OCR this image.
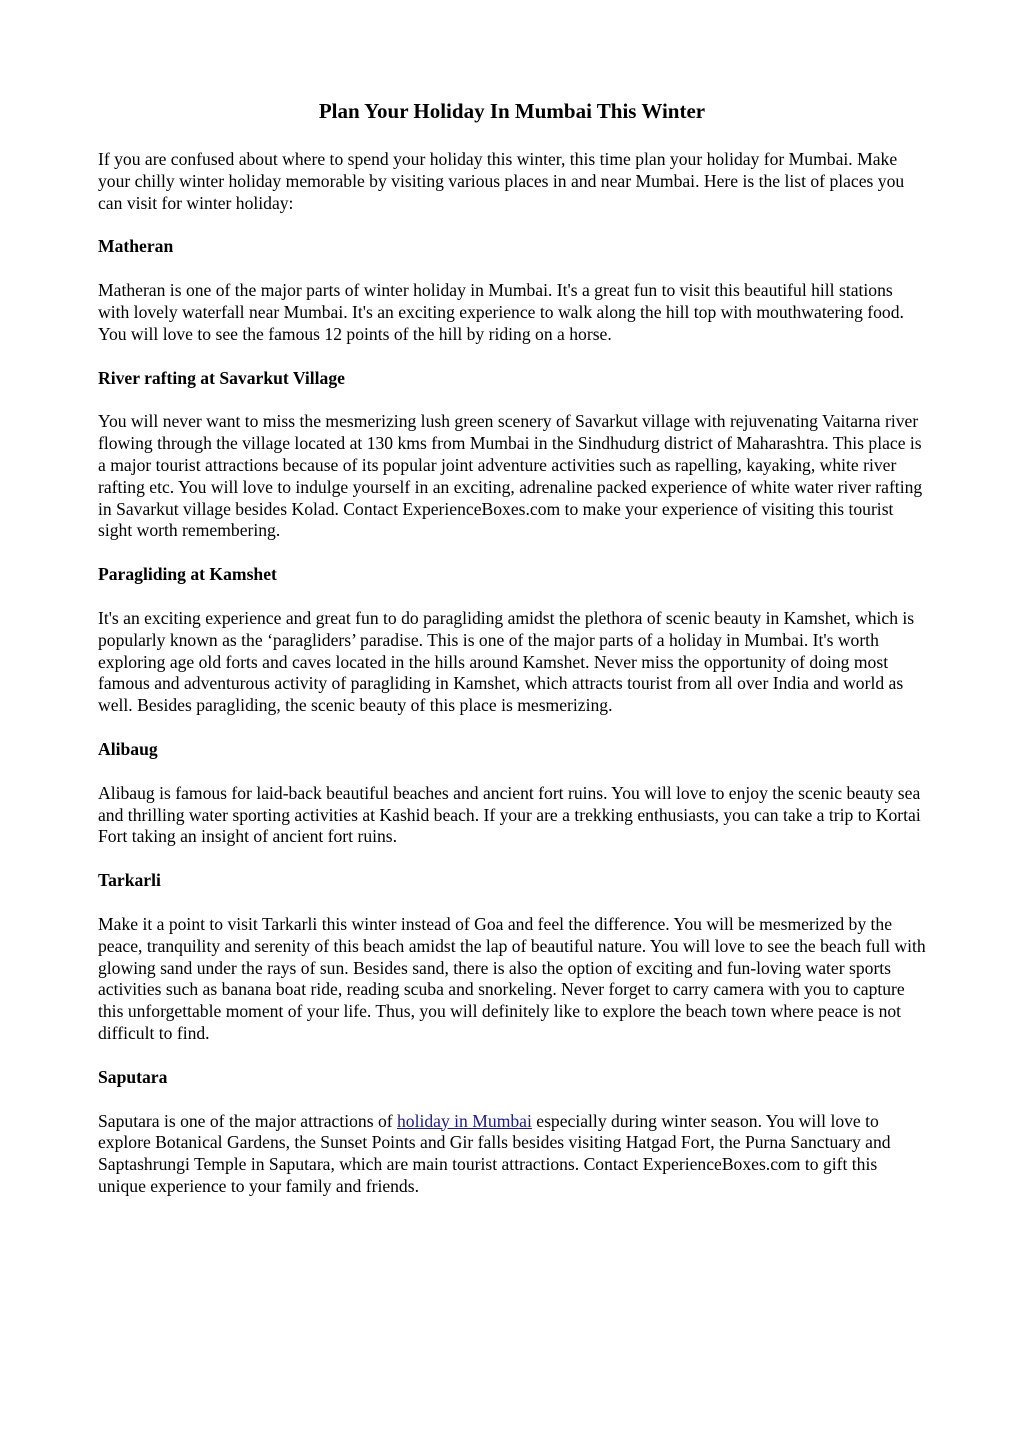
Plan Your Holiday In Mumbai This Winter

If you are confused about where to spend your holiday this winter, this time plan your holiday for Mumbai. Make your chilly winter holiday memorable by visiting various places in and near Mumbai. Here is the list of places you can visit for winter holiday:

Matheran

Matheran is one of the major parts of winter holiday in Mumbai. It's a great fun to visit this beautiful hill stations with lovely waterfall near Mumbai. It's an exciting experience to walk along the hill top with mouthwatering food. You will love to see the famous 12 points of the hill by riding on a horse.

River rafting at Savarkut Village

You will never want to miss the mesmerizing lush green scenery of Savarkut village with rejuvenating Vaitarna river flowing through the village located at 130 kms from Mumbai in the Sindhudurg district of Maharashtra. This place is a major tourist attractions because of its popular joint adventure activities such as rapelling, kayaking, white river rafting etc. You will love to indulge yourself in an exciting, adrenaline packed experience of white water river rafting in Savarkut village besides Kolad. Contact ExperienceBoxes.com to make your experience of visiting this tourist sight worth remembering.

Paragliding at Kamshet

It's an exciting experience and great fun to do paragliding amidst the plethora of scenic beauty in Kamshet, which is popularly known as the ‘paragliders’ paradise. This is one of the major parts of a holiday in Mumbai. It's worth exploring age old forts and caves located in the hills around Kamshet. Never miss the opportunity of doing most famous and adventurous activity of paragliding in Kamshet, which attracts tourist from all over India and world as well. Besides paragliding, the scenic beauty of this place is mesmerizing.

Alibaug

Alibaug is famous for laid-back beautiful beaches and ancient fort ruins. You will love to enjoy the scenic beauty sea and thrilling water sporting activities at Kashid beach. If your are a trekking enthusiasts, you can take a trip to Kortai Fort taking an insight of ancient fort ruins.

Tarkarli

Make it a point to visit Tarkarli this winter instead of Goa and feel the difference. You will be mesmerized by the peace, tranquility and serenity of this beach amidst the lap of beautiful nature. You will love to see the beach full with glowing sand under the rays of sun. Besides sand, there is also the option of exciting and fun-loving water sports activities such as banana boat ride, reading scuba and snorkeling. Never forget to carry camera with you to capture this unforgettable moment of your life. Thus, you will definitely like to explore the beach town where peace is not difficult to find.

Saputara

Saputara is one of the major attractions of holiday in Mumbai especially during winter season. You will love to explore Botanical Gardens, the Sunset Points and Gir falls besides visiting Hatgad Fort, the Purna Sanctuary and Saptashrungi Temple in Saputara, which are main tourist attractions. Contact ExperienceBoxes.com to gift this unique experience to your family and friends.
